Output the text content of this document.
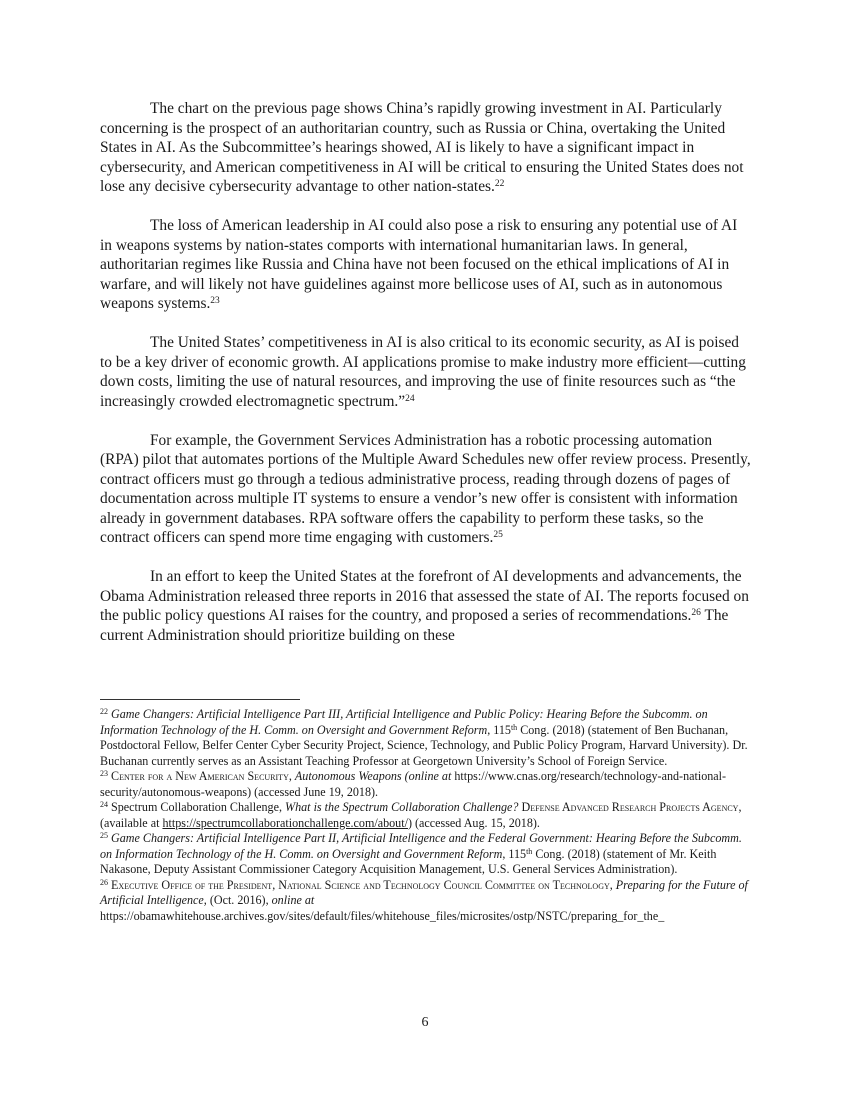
The chart on the previous page shows China’s rapidly growing investment in AI. Particularly concerning is the prospect of an authoritarian country, such as Russia or China, overtaking the United States in AI. As the Subcommittee’s hearings showed, AI is likely to have a significant impact in cybersecurity, and American competitiveness in AI will be critical to ensuring the United States does not lose any decisive cybersecurity advantage to other nation-states.$^{22}$

The loss of American leadership in AI could also pose a risk to ensuring any potential use of AI in weapons systems by nation-states comports with international humanitarian laws. In general, authoritarian regimes like Russia and China have not been focused on the ethical implications of AI in warfare, and will likely not have guidelines against more bellicose uses of AI, such as in autonomous weapons systems.$^{23}$

The United States’ competitiveness in AI is also critical to its economic security, as AI is poised to be a key driver of economic growth. AI applications promise to make industry more efficient—cutting down costs, limiting the use of natural resources, and improving the use of finite resources such as “the increasingly crowded electromagnetic spectrum.”$^{24}$

For example, the Government Services Administration has a robotic processing automation (RPA) pilot that automates portions of the Multiple Award Schedules new offer review process. Presently, contract officers must go through a tedious administrative process, reading through dozens of pages of documentation across multiple IT systems to ensure a vendor’s new offer is consistent with information already in government databases. RPA software offers the capability to perform these tasks, so the contract officers can spend more time engaging with customers.$^{25}$

In an effort to keep the United States at the forefront of AI developments and advancements, the Obama Administration released three reports in 2016 that assessed the state of AI. The reports focused on the public policy questions AI raises for the country, and proposed a series of recommendations.$^{26}$ The current Administration should prioritize building on these

$^{22}$ Game Changers: Artificial Intelligence Part III, Artificial Intelligence and Public Policy: Hearing Before the Subcomm. on Information Technology of the H. Comm. on Oversight and Government Reform, 115th Cong. (2018) (statement of Ben Buchanan, Postdoctoral Fellow, Belfer Center Cyber Security Project, Science, Technology, and Public Policy Program, Harvard University). Dr. Buchanan currently serves as an Assistant Teaching Professor at Georgetown University’s School of Foreign Service.

$^{23}$ Center for a New American Security, Autonomous Weapons (online at https://www.cnas.org/research/technology-and-national-security/autonomous-weapons) (accessed June 19, 2018).

$^{24}$ Spectrum Collaboration Challenge, What is the Spectrum Collaboration Challenge? Defense Advanced Research Projects Agency, (available at https://spectrumcollaborationchallenge.com/about/) (accessed Aug. 15, 2018).

$^{25}$ Game Changers: Artificial Intelligence Part II, Artificial Intelligence and the Federal Government: Hearing Before the Subcomm. on Information Technology of the H. Comm. on Oversight and Government Reform, 115th Cong. (2018) (statement of Mr. Keith Nakasone, Deputy Assistant Commissioner Category Acquisition Management, U.S. General Services Administration).

$^{26}$ Executive Office of the President, National Science and Technology Council Committee on Technology, Preparing for the Future of Artificial Intelligence, (Oct. 2016), online at
https://obamawhitehouse.archives.gov/sites/default/files/whitehouse_files/microsites/ostp/NSTC/preparing_for_the_

6
